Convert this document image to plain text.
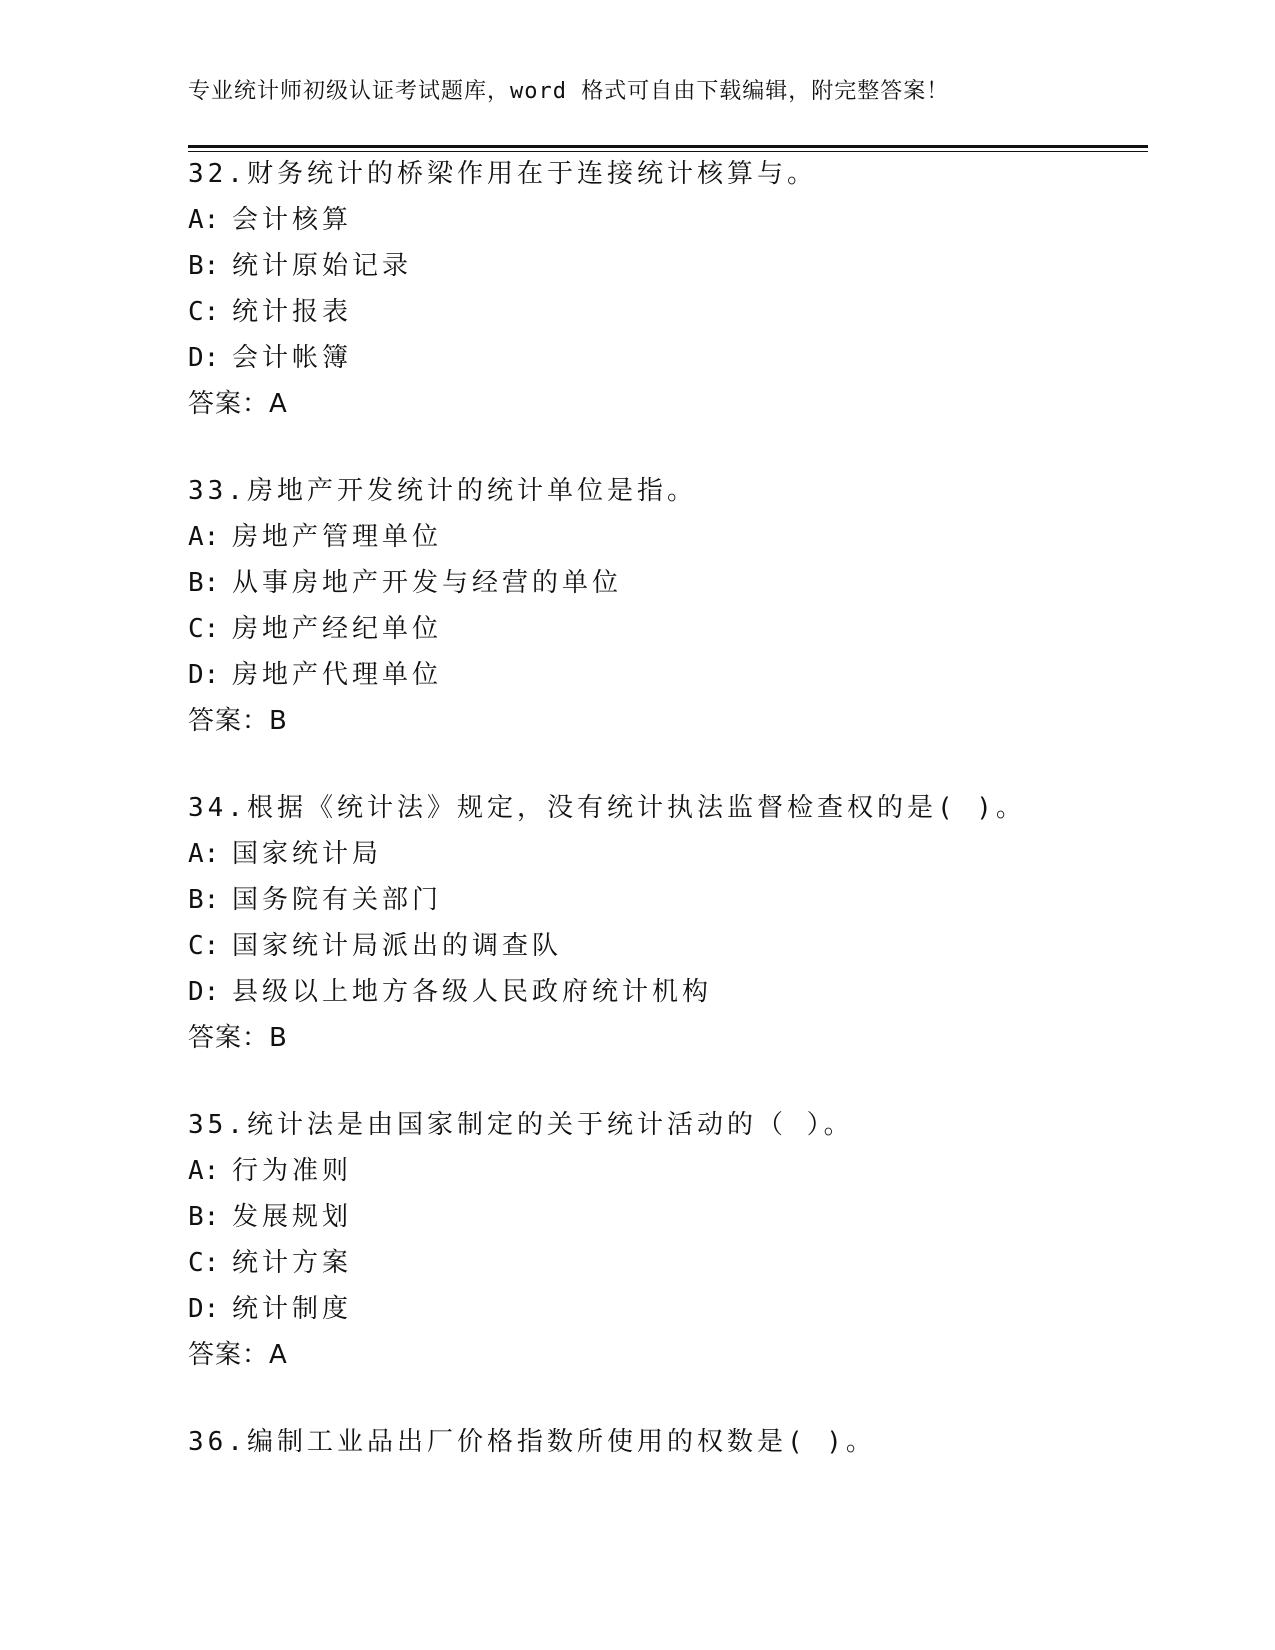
专业统计师初级认证考试题库，word 格式可自由下载编辑，附完整答案！
32.财务统计的桥梁作用在于连接统计核算与。
A: 会计核算
B: 统计原始记录
C: 统计报表
D: 会计帐簿
答案：A
33.房地产开发统计的统计单位是指。
A: 房地产管理单位
B: 从事房地产开发与经营的单位
C: 房地产经纪单位
D: 房地产代理单位
答案：B
34.根据《统计法》规定，没有统计执法监督检查权的是( )。
A: 国家统计局
B: 国务院有关部门
C: 国家统计局派出的调查队
D: 县级以上地方各级人民政府统计机构
答案：B
35.统计法是由国家制定的关于统计活动的（ ）。
A: 行为准则
B: 发展规划
C: 统计方案
D: 统计制度
答案：A
36.编制工业品出厂价格指数所使用的权数是( )。
